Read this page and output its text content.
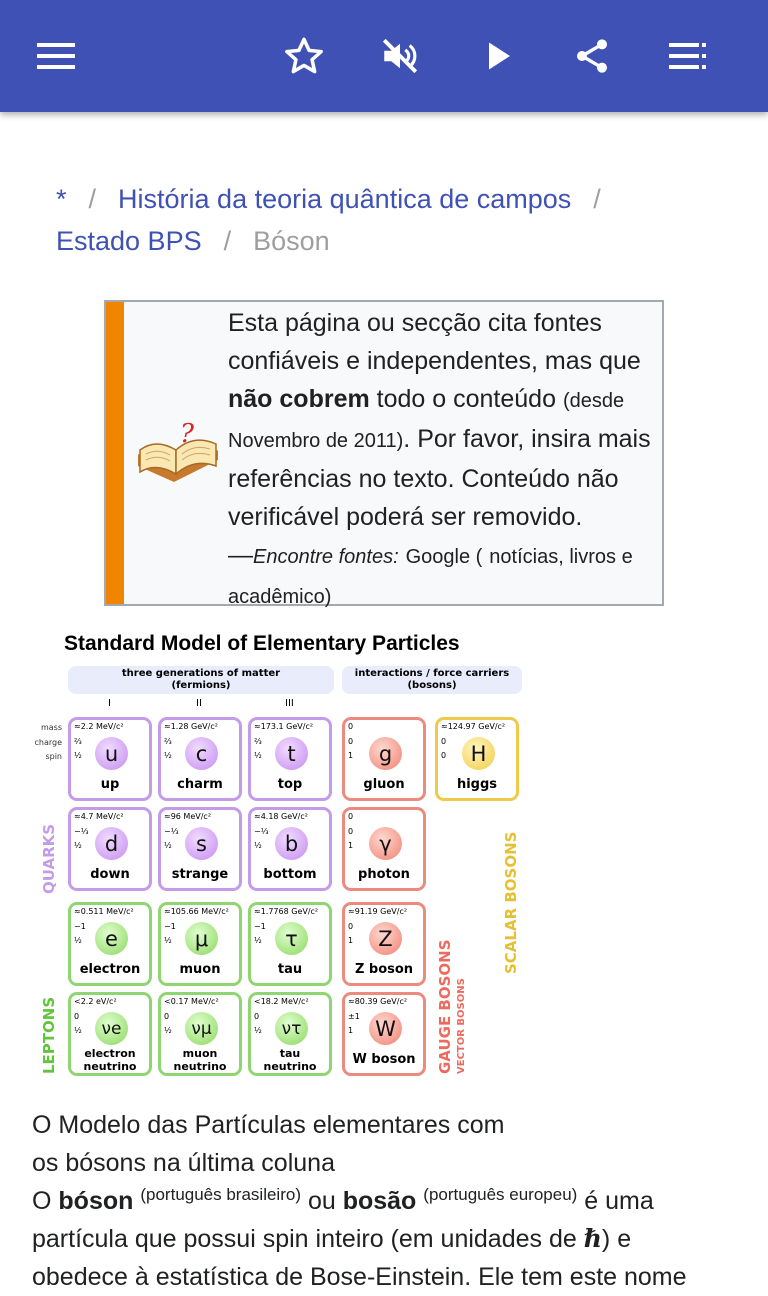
* / História da teoria quântica de campos /
Estado BPS / Bóson
?
Esta página ou secção cita fontes confiáveis e independentes, mas que não cobrem todo o conteúdo (desde Novembro de 2011). Por favor, insira mais referências no texto. Conteúdo não verificável poderá ser removido.
—Encontre fontes: Google ( notícias, livros e acadêmico)
Standard Model of Elementary Particles
three generations of matter
(fermions)
interactions / force carriers
(bosons)
I	II	III
mass
charge
spin
QUARKS
LEPTONS	GAUGE BOSONS VECTOR BOSONS
SCALAR BOSONS
≈2.2 MeV/c²
⅔
½	u
up
≈1.28 GeV/c²
⅔
½	c
charm
≈173.1 GeV/c²
⅔
½	t
top
0
0
1	g
gluon
≈124.97 GeV/c²
0
0	H
higgs
≈4.7 MeV/c²
−⅓
½	d
down
≈96 MeV/c²
−⅓
½	s
strange
≈4.18 GeV/c²
−⅓
½	b
bottom
0
0
1	γ
photon
≈0.511 MeV/c²
−1
½	e
electron
≈105.66 MeV/c²
−1
½	μ
muon
≈1.7768 GeV/c²
−1
½	τ
tau
≈91.19 GeV/c²
0
1	Z
Z boson
<2.2 eV/c²
0
½	νe
electron
neutrino
<0.17 MeV/c²
0
½	νμ
muon
neutrino
<18.2 MeV/c²
0
½	ντ
tau
neutrino
≈80.39 GeV/c²
±1
1 W
W boson
O Modelo das Partículas elementares com os bósons na última coluna
O bóson $^{(português brasileiro)}$ ou bosão $^{(português europeu)}$ é uma partícula que possui spin inteiro (em unidades de ℏ) e obedece à estatística de Bose-Einstein. Ele tem este nome
